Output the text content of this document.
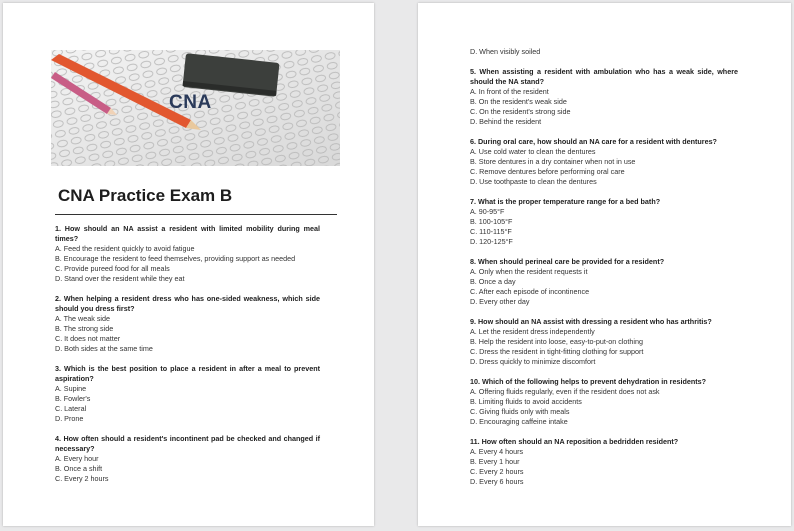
CNA
CNA Practice Exam B
1. How should an NA assist a resident with limited mobility during meal times?
A. Feed the resident quickly to avoid fatigue
B. Encourage the resident to feed themselves, providing support as needed
C. Provide pureed food for all meals
D. Stand over the resident while they eat
2. When helping a resident dress who has one-sided weakness, which side should you dress first?
A. The weak side
B. The strong side
C. It does not matter
D. Both sides at the same time
3. Which is the best position to place a resident in after a meal to prevent aspiration?
A. Supine
B. Fowler's
C. Lateral
D. Prone
4. How often should a resident's incontinent pad be checked and changed if necessary?
A. Every hour
B. Once a shift
C. Every 2 hours
D. When visibly soiled
5. When assisting a resident with ambulation who has a weak side, where should the NA stand?
A. In front of the resident
B. On the resident's weak side
C. On the resident's strong side
D. Behind the resident
6. During oral care, how should an NA care for a resident with dentures?
A. Use cold water to clean the dentures
B. Store dentures in a dry container when not in use
C. Remove dentures before performing oral care
D. Use toothpaste to clean the dentures
7. What is the proper temperature range for a bed bath?
A. 90-95°F
B. 100-105°F
C. 110-115°F
D. 120-125°F
8. When should perineal care be provided for a resident?
A. Only when the resident requests it
B. Once a day
C. After each episode of incontinence
D. Every other day
9. How should an NA assist with dressing a resident who has arthritis?
A. Let the resident dress independently
B. Help the resident into loose, easy-to-put-on clothing
C. Dress the resident in tight-fitting clothing for support
D. Dress quickly to minimize discomfort
10. Which of the following helps to prevent dehydration in residents?
A. Offering fluids regularly, even if the resident does not ask
B. Limiting fluids to avoid accidents
C. Giving fluids only with meals
D. Encouraging caffeine intake
11. How often should an NA reposition a bedridden resident?
A. Every 4 hours
B. Every 1 hour
C. Every 2 hours
D. Every 6 hours
